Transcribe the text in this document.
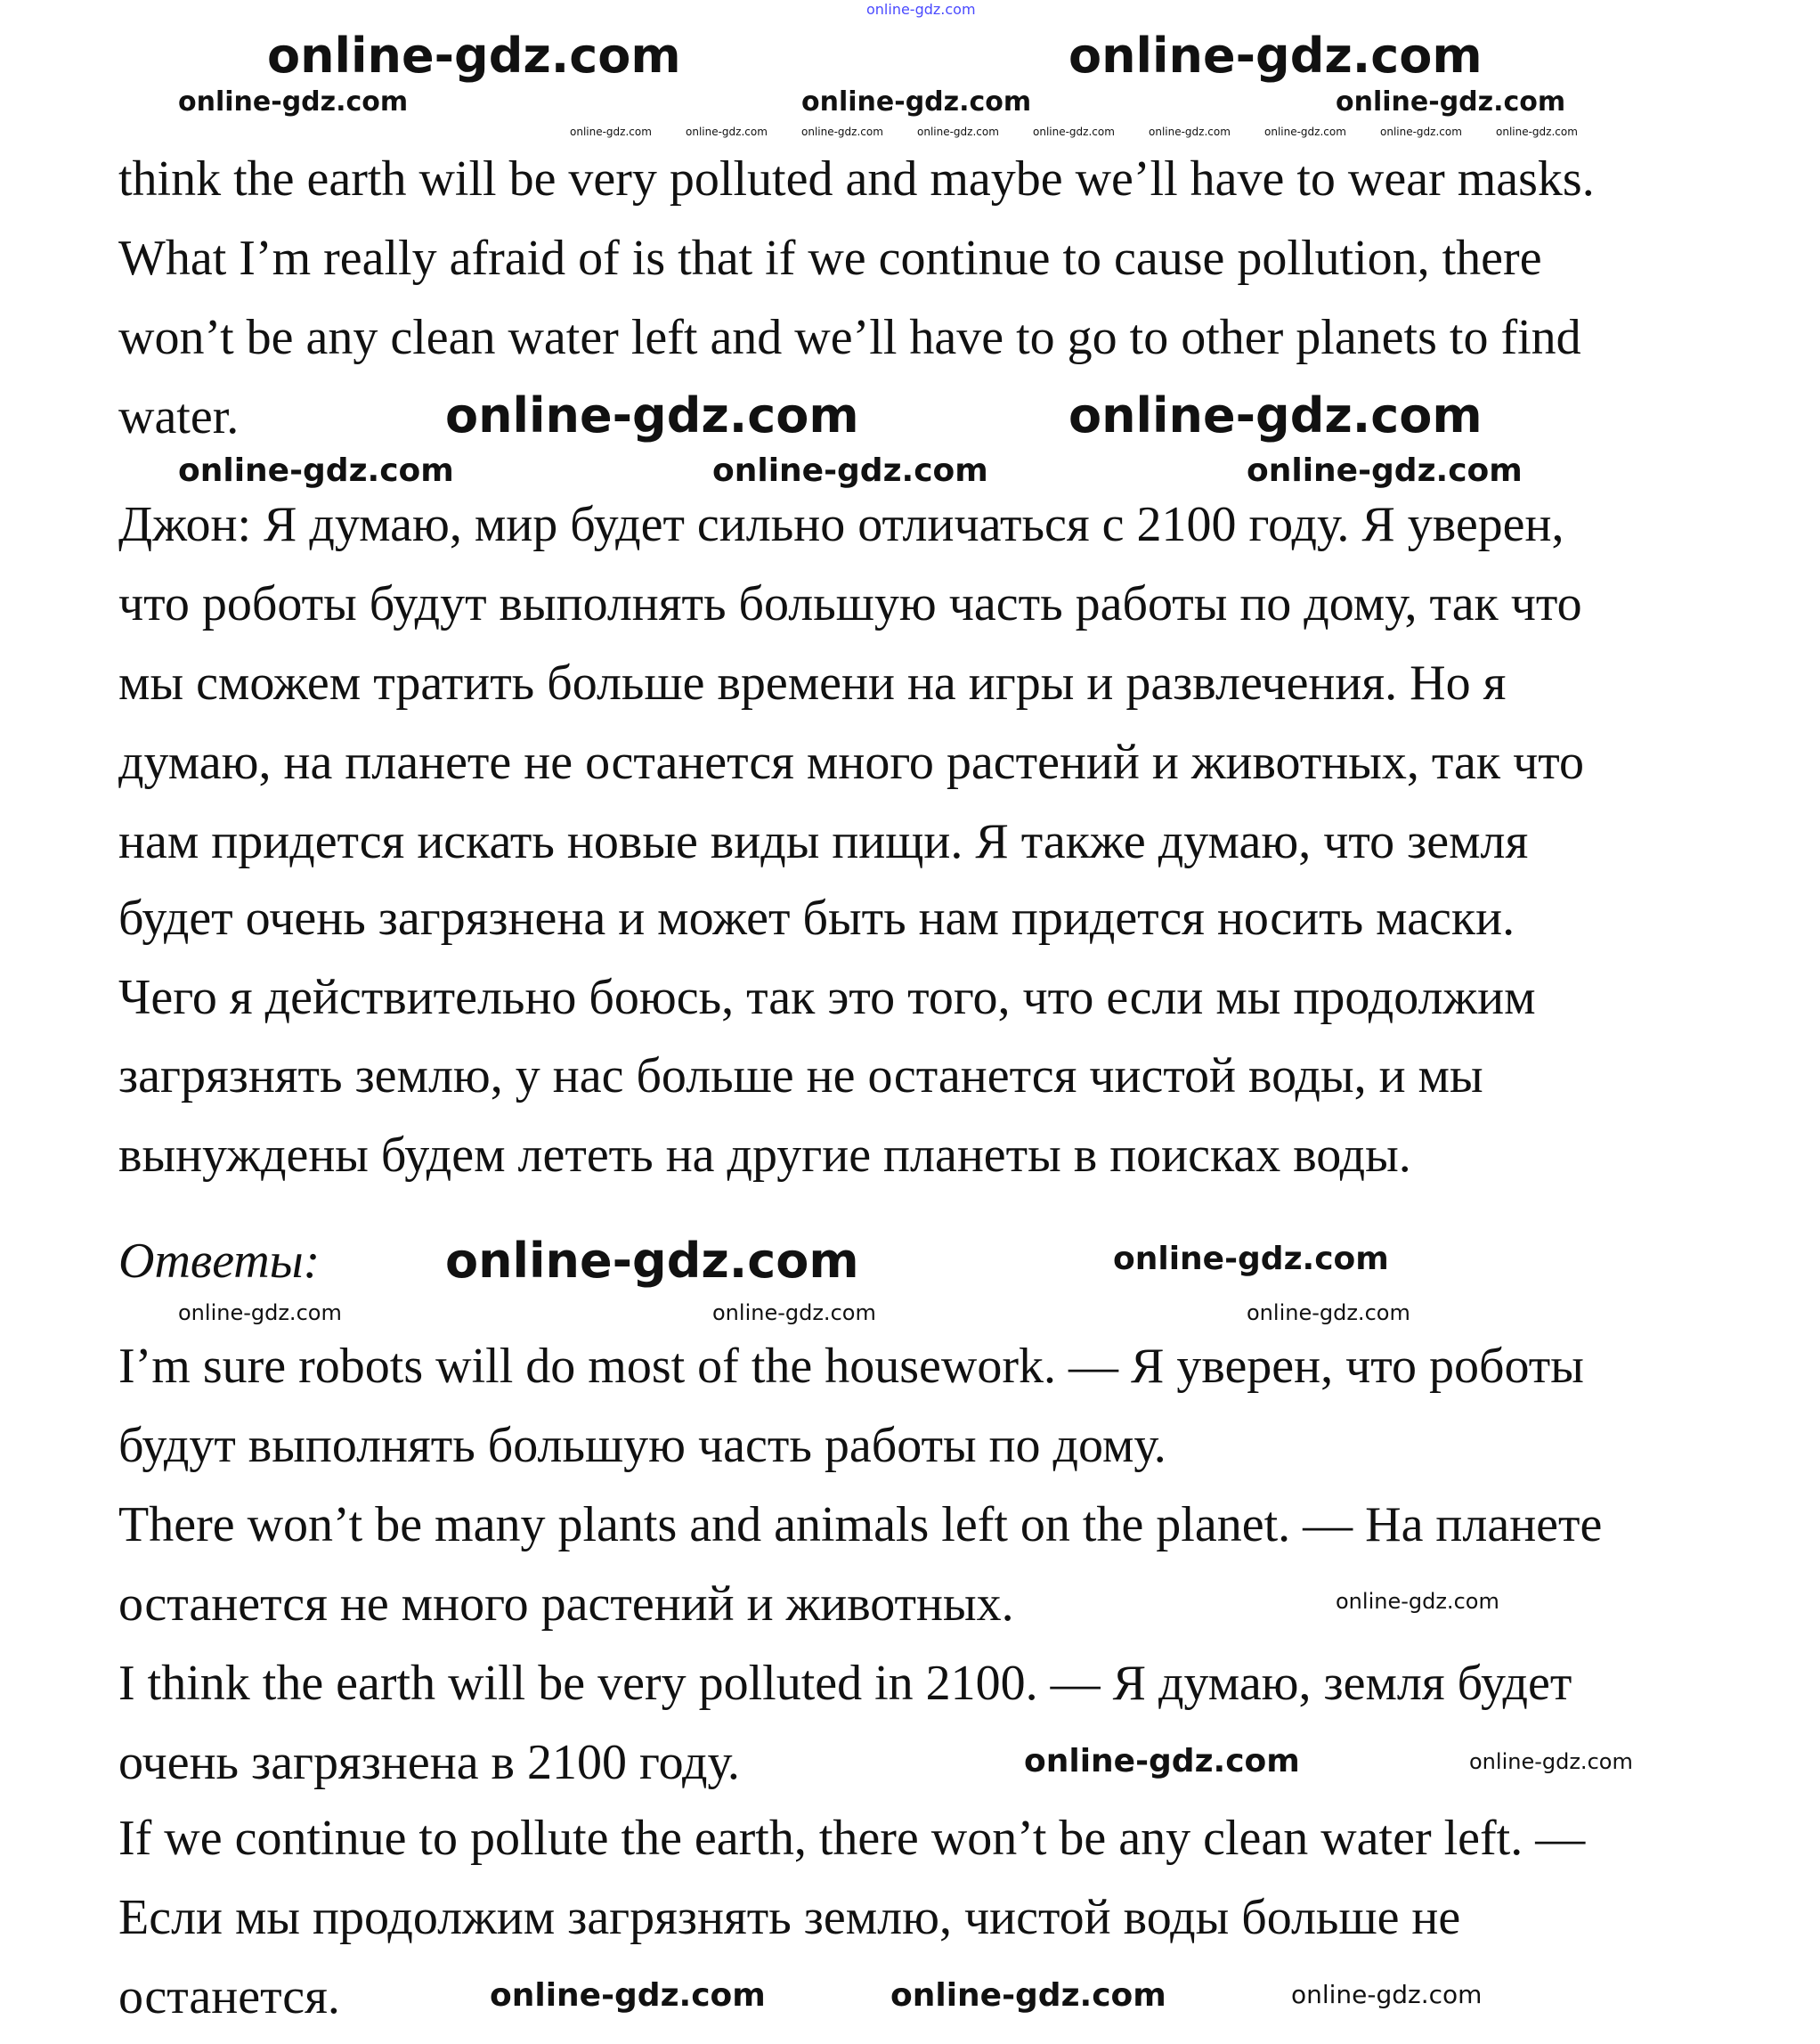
think the earth will be very polluted and maybe we’ll have to wear masks.
What I’m really afraid of is that if we continue to cause pollution, there
won’t be any clean water left and we’ll have to go to other planets to find
water.
Джон: Я думаю, мир будет сильно отличаться с 2100 году. Я уверен,
что роботы будут выполнять большую часть работы по дому, так что
мы сможем тратить больше времени на игры и развлечения. Но я
думаю, на планете не останется много растений и животных, так что
нам придется искать новые виды пищи. Я также думаю, что земля
будет очень загрязнена и может быть нам придется носить маски.
Чего я действительно боюсь, так это того, что если мы продолжим
загрязнять землю, у нас больше не останется чистой воды, и мы
вынуждены будем лететь на другие планеты в поисках воды.
Ответы:
I’m sure robots will do most of the housework. — Я уверен, что роботы
будут выполнять большую часть работы по дому.
There won’t be many plants and animals left on the planet. — На планете
останется не много растений и животных.
I think the earth will be very polluted in 2100. — Я думаю, земля будет
очень загрязнена в 2100 году.
If we continue to pollute the earth, there won’t be any clean water left. —
Если мы продолжим загрязнять землю, чистой воды больше не
останется.
online-gdz.com
online-gdz.com	online-gdz.com
online-gdz.com	online-gdz.com	online-gdz.com
online-gdz.com	online-gdz.com	online-gdz.com	online-gdz.com	online-gdz.com	online-gdz.com	online-gdz.com	online-gdz.com	online-gdz.com
online-gdz.com	online-gdz.com
online-gdz.com	online-gdz.com	online-gdz.com
online-gdz.com	online-gdz.com
online-gdz.com	online-gdz.com	online-gdz.com
online-gdz.com
online-gdz.com	online-gdz.com
online-gdz.com	online-gdz.com	online-gdz.com
